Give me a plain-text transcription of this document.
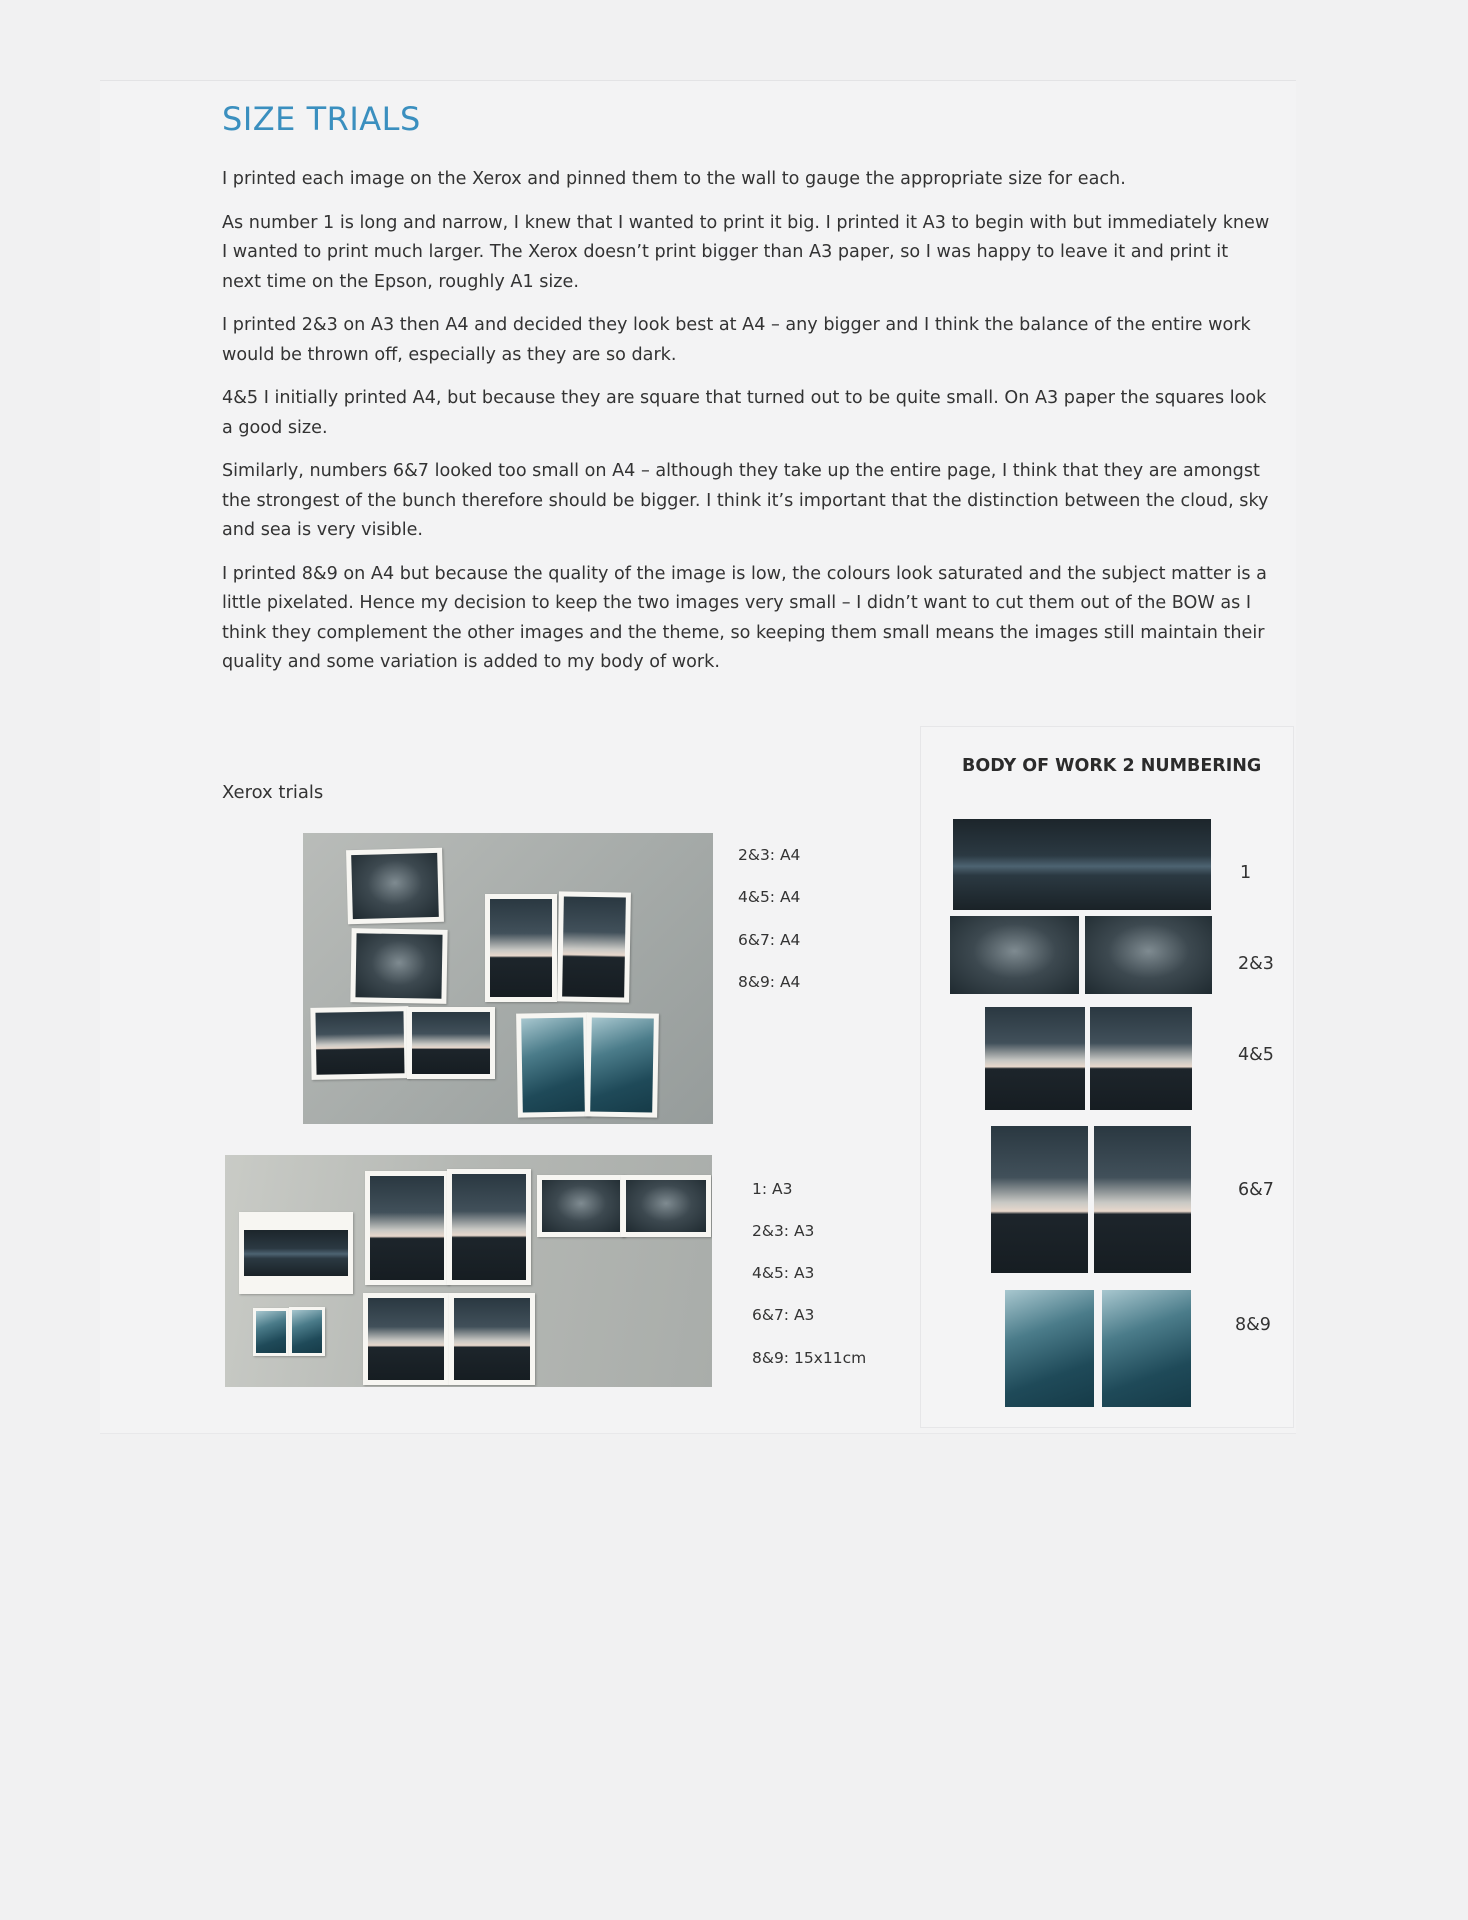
SIZE TRIALS

I printed each image on the Xerox and pinned them to the wall to gauge the appropriate size for each.

As number 1 is long and narrow, I knew that I wanted to print it big. I printed it A3 to begin with but immediately knew I wanted to print much larger. The Xerox doesn’t print bigger than A3 paper, so I was happy to leave it and print it next time on the Epson, roughly A1 size.

I printed 2&3 on A3 then A4 and decided they look best at A4 – any bigger and I think the balance of the entire work would be thrown off, especially as they are so dark.

4&5 I initially printed A4, but because they are square that turned out to be quite small. On A3 paper the squares look a good size.

Similarly, numbers 6&7 looked too small on A4 – although they take up the entire page, I think that they are amongst the strongest of the bunch therefore should be bigger. I think it’s important that the distinction between the cloud, sky and sea is very visible.

I printed 8&9 on A4 but because the quality of the image is low, the colours look saturated and the subject matter is a little pixelated. Hence my decision to keep the two images very small – I didn’t want to cut them out of the BOW as I think they complement the other images and the theme, so keeping them small means the images still maintain their quality and some variation is added to my body of work.

Xerox trials
2&3: A4
4&5: A4
6&7: A4
8&9: A4
1: A3
2&3: A3
4&5: A3
6&7: A3
8&9: 15x11cm
BODY OF WORK 2 NUMBERING
1
2&3
4&5
6&7
8&9
